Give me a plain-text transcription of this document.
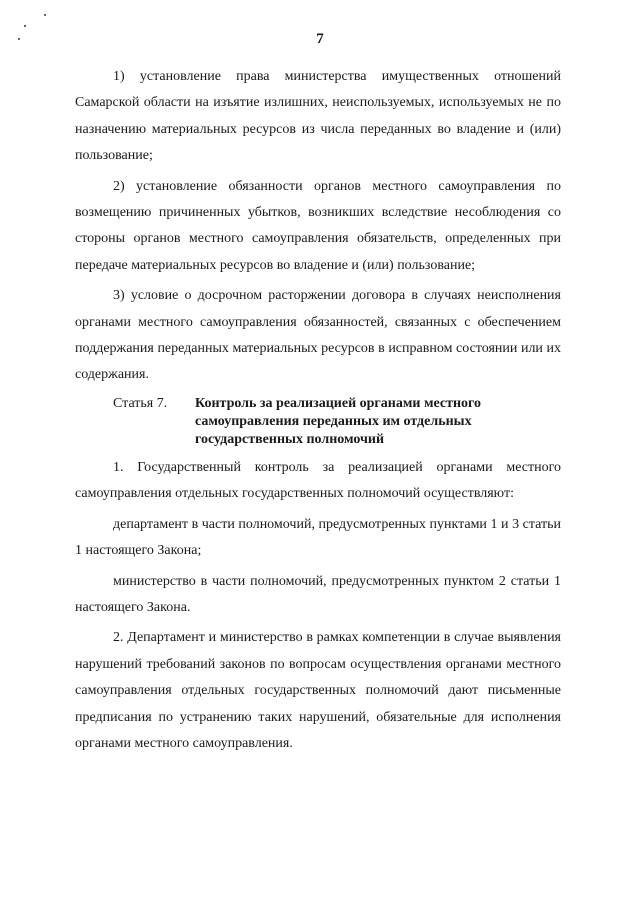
7

1) установление права министерства имущественных отношений Самарской области на изъятие излишних, неиспользуемых, используемых не по назначению материальных ресурсов из числа переданных во владение и (или) пользование;

2) установление обязанности органов местного самоуправления по возмещению причиненных убытков, возникших вследствие несоблюдения со стороны органов местного самоуправления обязательств, определенных при передаче материальных ресурсов во владение и (или) пользование;

3) условие о досрочном расторжении договора в случаях неисполнения органами местного самоуправления обязанностей, связанных с обеспечением поддержания переданных материальных ресурсов в исправном состоянии или их содержания.

Статья 7.	Контроль за реализацией органами местного самоуправления переданных им отдельных государственных полномочий

1. Государственный контроль за реализацией органами местного самоуправления отдельных государственных полномочий осуществляют:

департамент в части полномочий, предусмотренных пунктами 1 и 3 статьи 1 настоящего Закона;

министерство в части полномочий, предусмотренных пунктом 2 статьи 1 настоящего Закона.

2. Департамент и министерство в рамках компетенции в случае выявления нарушений требований законов по вопросам осуществления органами местного самоуправления отдельных государственных полномочий дают письменные предписания по устранению таких нарушений, обязательные для исполнения органами местного самоуправления.
